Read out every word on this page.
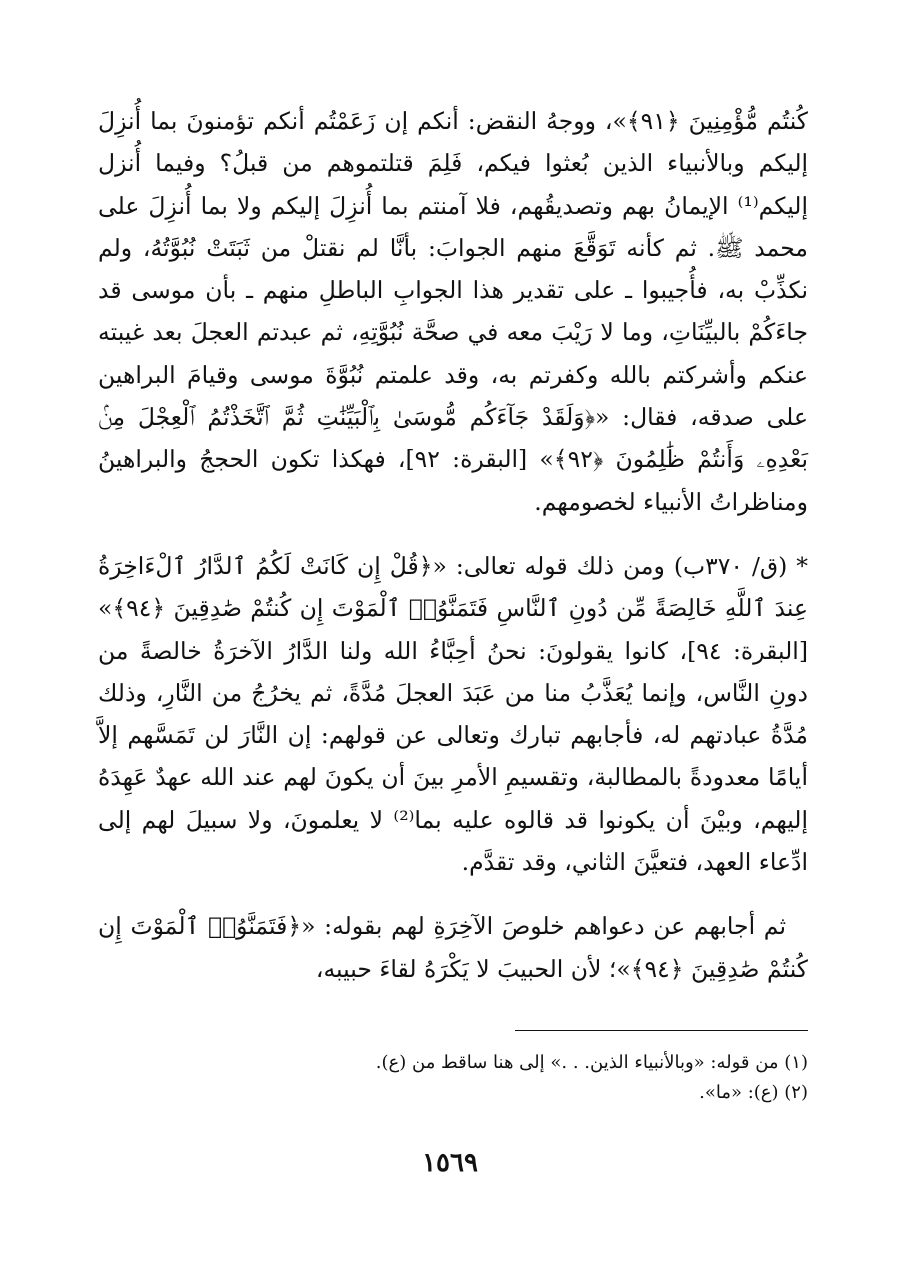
كُنتُم مُّؤْمِنِينَ ﴿٩١﴾»، ووجهُ النقض: أنكم إن زَعَمْتُم أنكم تؤمنونَ بما أُنزِلَ إليكم وبالأنبياء الذين بُعثوا فيكم، فَلِمَ قتلتموهم من قبلُ؟ وفيما أُنزل إليكم⁽¹⁾ الإيمانُ بهم وتصديقُهم، فلا آمنتم بما أُنزِلَ إليكم ولا بما أُنزِلَ على محمد ﷺ. ثم كأنه تَوَقَّعَ منهم الجوابَ: بأنَّا لم نقتلْ من ثَبَتَتْ نُبُوَّتُهُ، ولم نكذِّبْ به، فأُجيبوا ـ على تقدير هذا الجوابِ الباطلِ منهم ـ بأن موسى قد جاءَكُمْ بالبيِّنَاتِ، وما لا رَيْبَ معه في صحَّة نُبُوَّتِهِ، ثم عبدتم العجلَ بعد غيبته عنكم وأشركتم بالله وكفرتم به، وقد علمتم نُبُوَّةَ موسى وقيامَ البراهين على صدقه، فقال: «﴿وَلَقَدْ جَآءَكُم مُّوسَىٰ بِٱلْبَيِّنَٰتِ ثُمَّ ٱتَّخَذْتُمُ ٱلْعِجْلَ مِنۢ بَعْدِهِۦ وَأَنتُمْ ظَٰلِمُونَ ﴿٩٢﴾» [البقرة: ٩٢]، فهكذا تكون الحججُ والبراهينُ ومناظراتُ الأنبياء لخصومهم.

* (ق/ ٣٧٠ب) ومن ذلك قوله تعالى: «﴿قُلْ إِن كَانَتْ لَكُمُ ٱلدَّارُ ٱلْءَاخِرَةُ عِندَ ٱللَّهِ خَالِصَةً مِّن دُونِ ٱلنَّاسِ فَتَمَنَّوُا۟ ٱلْمَوْتَ إِن كُنتُمْ صَٰدِقِينَ ﴿٩٤﴾» [البقرة: ٩٤]، كانوا يقولونَ: نحنُ أحِبَّاءُ الله ولنا الدَّارُ الآخرَةُ خالصةً من دونِ النَّاس، وإنما يُعَذَّبُ منا من عَبَدَ العجلَ مُدَّةً، ثم يخرُجُ من النَّارِ، وذلك مُدَّةُ عبادتهم له، فأجابهم تبارك وتعالى عن قولهم: إن النَّارَ لن تَمَسَّهم إلاَّ أيامًا معدودةً بالمطالبة، وتقسيمِ الأمرِ بينَ أن يكونَ لهم عند الله عهدٌ عَهِدَهُ إليهم، وبيْنَ أن يكونوا قد قالوه عليه بما⁽²⁾ لا يعلمونَ، ولا سبيلَ لهم إلى ادِّعاء العهد، فتعيَّنَ الثاني، وقد تقدَّم.

ثم أجابهم عن دعواهم خلوصَ الآخِرَةِ لهم بقوله: «﴿فَتَمَنَّوُا۟ ٱلْمَوْتَ إِن كُنتُمْ صَٰدِقِينَ ﴿٩٤﴾»؛ لأن الحبيبَ لا يَكْرَهُ لقاءَ حبيبه،

(١) من قوله: «وبالأنبياء الذين. . .» إلى هنا ساقط من (ع).

(٢) (ع): «ما».

١٥٦٩
